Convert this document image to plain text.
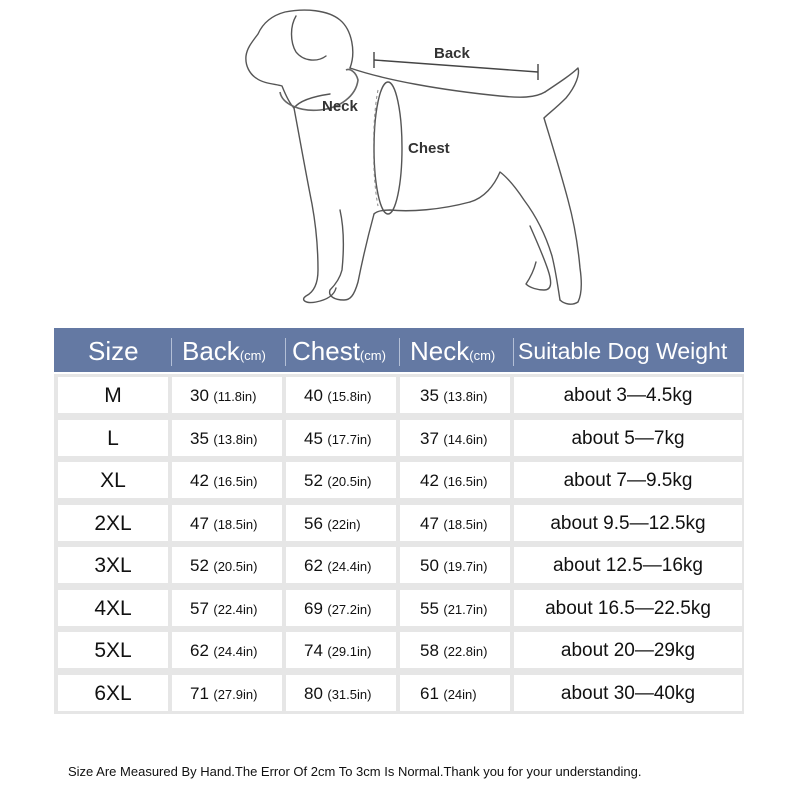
Back
Neck
Chest
Size Back(cm) Chest(cm) Neck(cm) Suitable Dog Weight
M	30 (11.8in)	40 (15.8in)	35 (13.8in)	about 3—4.5kg
L	35 (13.8in)	45 (17.7in)	37 (14.6in)	about 5—7kg
XL	42 (16.5in)	52 (20.5in)	42 (16.5in)	about 7—9.5kg
2XL	47 (18.5in)	56 (22in)	47 (18.5in)	about 9.5—12.5kg
3XL	52 (20.5in)	62 (24.4in)	50 (19.7in)	about 12.5—16kg
4XL	57 (22.4in)	69 (27.2in)	55 (21.7in)	about 16.5—22.5kg
5XL	62 (24.4in)	74 (29.1in)	58 (22.8in)	about 20—29kg
6XL	71 (27.9in)	80 (31.5in)	61 (24in)	about 30—40kg
Size Are Measured By Hand.The Error Of 2cm To 3cm Is Normal.Thank you for your understanding.
